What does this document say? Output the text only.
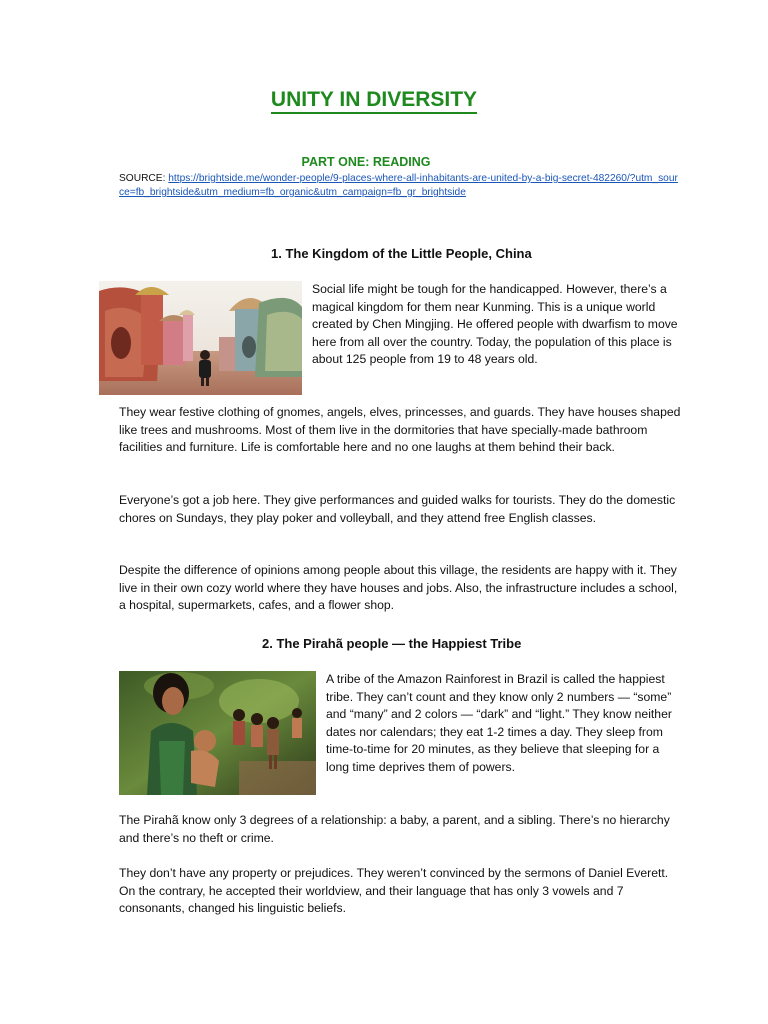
UNITY IN DIVERSITY
PART ONE: READING
SOURCE: https://brightside.me/wonder-people/9-places-where-all-inhabitants-are-united-by-a-big-secret-482260/?utm_source=fb_brightside&utm_medium=fb_organic&utm_campaign=fb_gr_brightside
1. The Kingdom of the Little People, China
Social life might be tough for the handicapped. However, there’s a magical kingdom for them near Kunming. This is a unique world created by Chen Mingjing. He offered people with dwarfism to move here from all over the country. Today, the population of this place is about 125 people from 19 to 48 years old.
They wear festive clothing of gnomes, angels, elves, princesses, and guards. They have houses shaped like trees and mushrooms. Most of them live in the dormitories that have specially-made bathroom facilities and furniture. Life is comfortable here and no one laughs at them behind their back.
Everyone’s got a job here. They give performances and guided walks for tourists. They do the domestic chores on Sundays, they play poker and volleyball, and they attend free English classes.
Despite the difference of opinions among people about this village, the residents are happy with it. They live in their own cozy world where they have houses and jobs. Also, the infrastructure includes a school, a hospital, supermarkets, cafes, and a flower shop.
2. The Pirahã people — the Happiest Tribe
A tribe of the Amazon Rainforest in Brazil is called the happiest tribe. They can’t count and they know only 2 numbers — “some” and “many” and 2 colors — “dark” and “light.” They know neither dates nor calendars; they eat 1-2 times a day. They sleep from time-to-time for 20 minutes, as they believe that sleeping for a long time deprives them of powers.
The Pirahã know only 3 degrees of a relationship: a baby, a parent, and a sibling. There’s no hierarchy and there’s no theft or crime.
They don’t have any property or prejudices. They weren’t convinced by the sermons of Daniel Everett. On the contrary, he accepted their worldview, and their language that has only 3 vowels and 7 consonants, changed his linguistic beliefs.
